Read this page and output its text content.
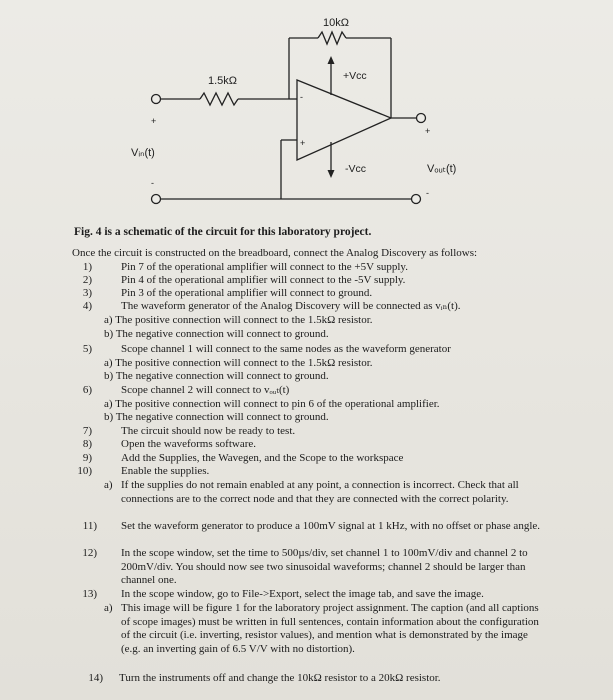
10kΩ
1.5kΩ	+Vcc
-Vcc
Vᵢₙ(t)
Vₒᵤₜ(t)
+
-
-
+
+
-
Fig. 4 is a schematic of the circuit for this laboratory project.
Once the circuit is constructed on the breadboard, connect the Analog Discovery as follows:
1)	Pin 7 of the operational amplifier will connect to the +5V supply.
2)	Pin 4 of the operational amplifier will connect to the -5V supply.
3)	Pin 3 of the operational amplifier will connect to ground.
4)	The waveform generator of the Analog Discovery will be connected as vᵢₙ(t).
a) The positive connection will connect to the 1.5kΩ resistor.
b) The negative connection will connect to ground.
5)	Scope channel 1 will connect to the same nodes as the waveform generator
a) The positive connection will connect to the 1.5kΩ resistor.
b) The negative connection will connect to ground.
6)	Scope channel 2 will connect to vₒᵤₜ(t)
a) The positive connection will connect to pin 6 of the operational amplifier.
b) The negative connection will connect to ground.
7)	The circuit should now be ready to test.
8)	Open the waveforms software.
9)	Add the Supplies, the Wavegen, and the Scope to the workspace
10)	Enable the supplies.
a) If the supplies do not remain enabled at any point, a connection is incorrect. Check that all connections are to the correct node and that they are connected with the correct polarity.
11) Set the waveform generator to produce a 100mV signal at 1 kHz, with no offset or phase angle.
12) In the scope window, set the time to 500µs/div, set channel 1 to 100mV/div and channel 2 to 200mV/div. You should now see two sinusoidal waveforms; channel 2 should be larger than channel one.
13) In the scope window, go to File->Export, select the image tab, and save the image.
a) This image will be figure 1 for the laboratory project assignment. The caption (and all captions of scope images) must be written in full sentences, contain information about the configuration of the circuit (i.e. inverting, resistor values), and mention what is demonstrated by the image (e.g. an inverting gain of 6.5 V/V with no distortion).
14) Turn the instruments off and change the 10kΩ resistor to a 20kΩ resistor.
